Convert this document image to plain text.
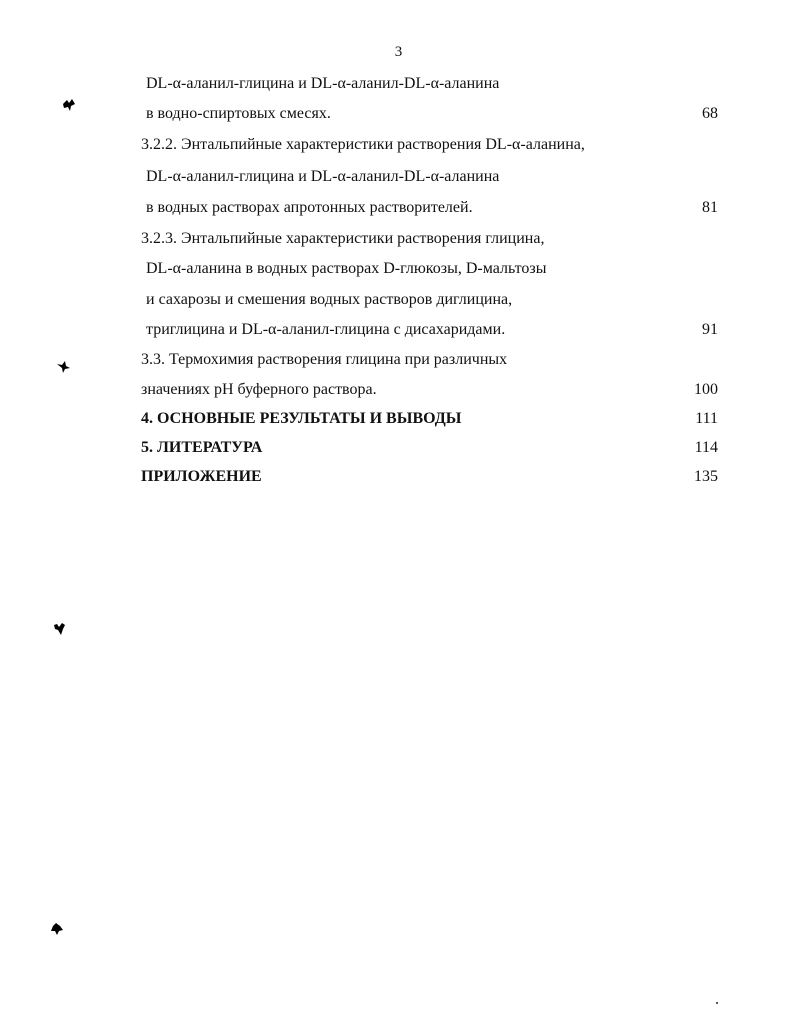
3
DL-α-аланил-глицина и DL-α-аланил-DL-α-аланина
в водно-спиртовых смесях.	68
3.2.2. Энтальпийные характеристики растворения DL-α-аланина,
DL-α-аланил-глицина и DL-α-аланил-DL-α-аланина
в водных растворах апротонных растворителей.	81
3.2.3. Энтальпийные характеристики растворения глицина,
DL-α-аланина в водных растворах D-глюкозы, D-мальтозы
и сахарозы и смешения водных растворов диглицина,
триглицина и DL-α-аланил-глицина с дисахаридами.	91
3.3. Термохимия растворения глицина при различных
значениях pH буферного раствора.	100
4. ОСНОВНЫЕ РЕЗУЛЬТАТЫ И ВЫВОДЫ	111
5. ЛИТЕРАТУРА	114
ПРИЛОЖЕНИЕ	135
